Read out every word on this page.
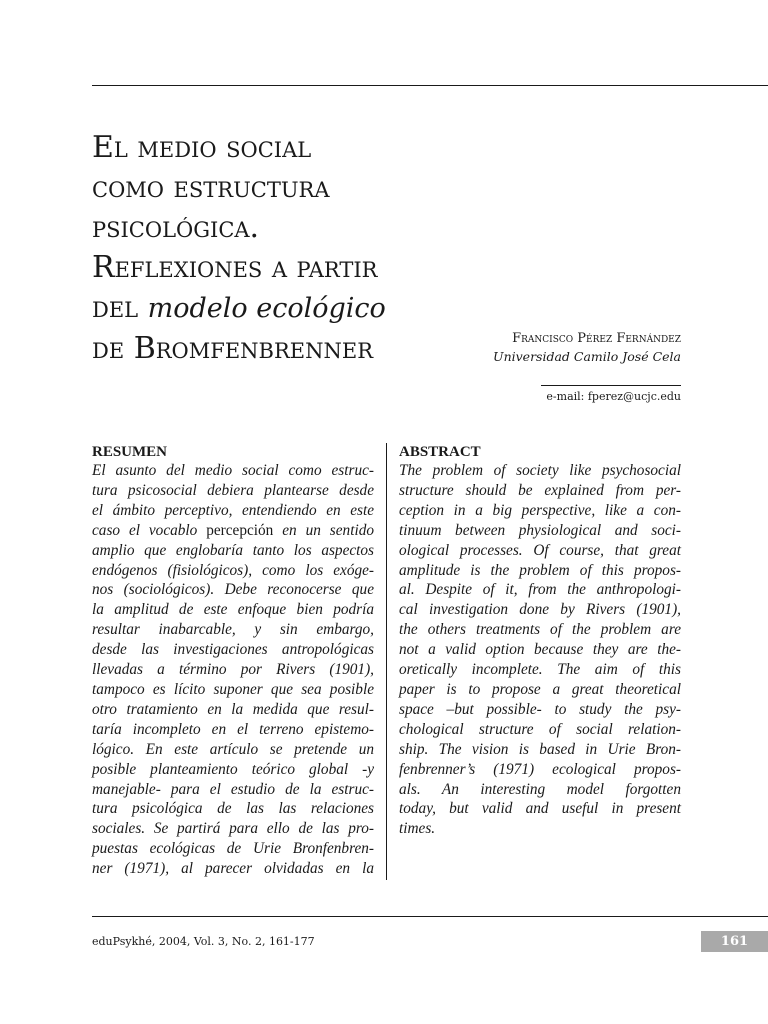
El medio social
como estructura
psicológica.
Reflexiones a partir
del modelo ecológico
de Bromfenbrenner	Francisco Pérez Fernández
Universidad Camilo José Cela
e-mail: fperez@ucjc.edu
RESUMEN
El asunto del medio social como estruc-
tura psicosocial debiera plantearse desde
el ámbito perceptivo, entendiendo en este
caso el vocablo percepción en un sentido
amplio que englobaría tanto los aspectos
endógenos (fisiológicos), como los exóge-
nos (sociológicos). Debe reconocerse que
la amplitud de este enfoque bien podría
resultar inabarcable, y sin embargo,
desde las investigaciones antropológicas
llevadas a término por Rivers (1901),
tampoco es lícito suponer que sea posible
otro tratamiento en la medida que resul-
taría incompleto en el terreno epistemo-
lógico. En este artículo se pretende un
posible planteamiento teórico global -y
manejable- para el estudio de la estruc-
tura psicológica de las las relaciones
sociales. Se partirá para ello de las pro-
puestas ecológicas de Urie Bronfenbren-
ner (1971), al parecer olvidadas en la
ABSTRACT
The problem of society like psychosocial
structure should be explained from per-
ception in a big perspective, like a con-
tinuum between physiological and soci-
ological processes. Of course, that great
amplitude is the problem of this propos-
al. Despite of it, from the anthropologi-
cal investigation done by Rivers (1901),
the others treatments of the problem are
not a valid option because they are the-
oretically incomplete. The aim of this
paper is to propose a great theoretical
space –but possible- to study the psy-
chological structure of social relation-
ship. The vision is based in Urie Bron-
fenbrenner’s (1971) ecological propos-
als. An interesting model forgotten
today, but valid and useful in present
times.
eduPsykhé, 2004, Vol. 3, No. 2, 161-177	161
